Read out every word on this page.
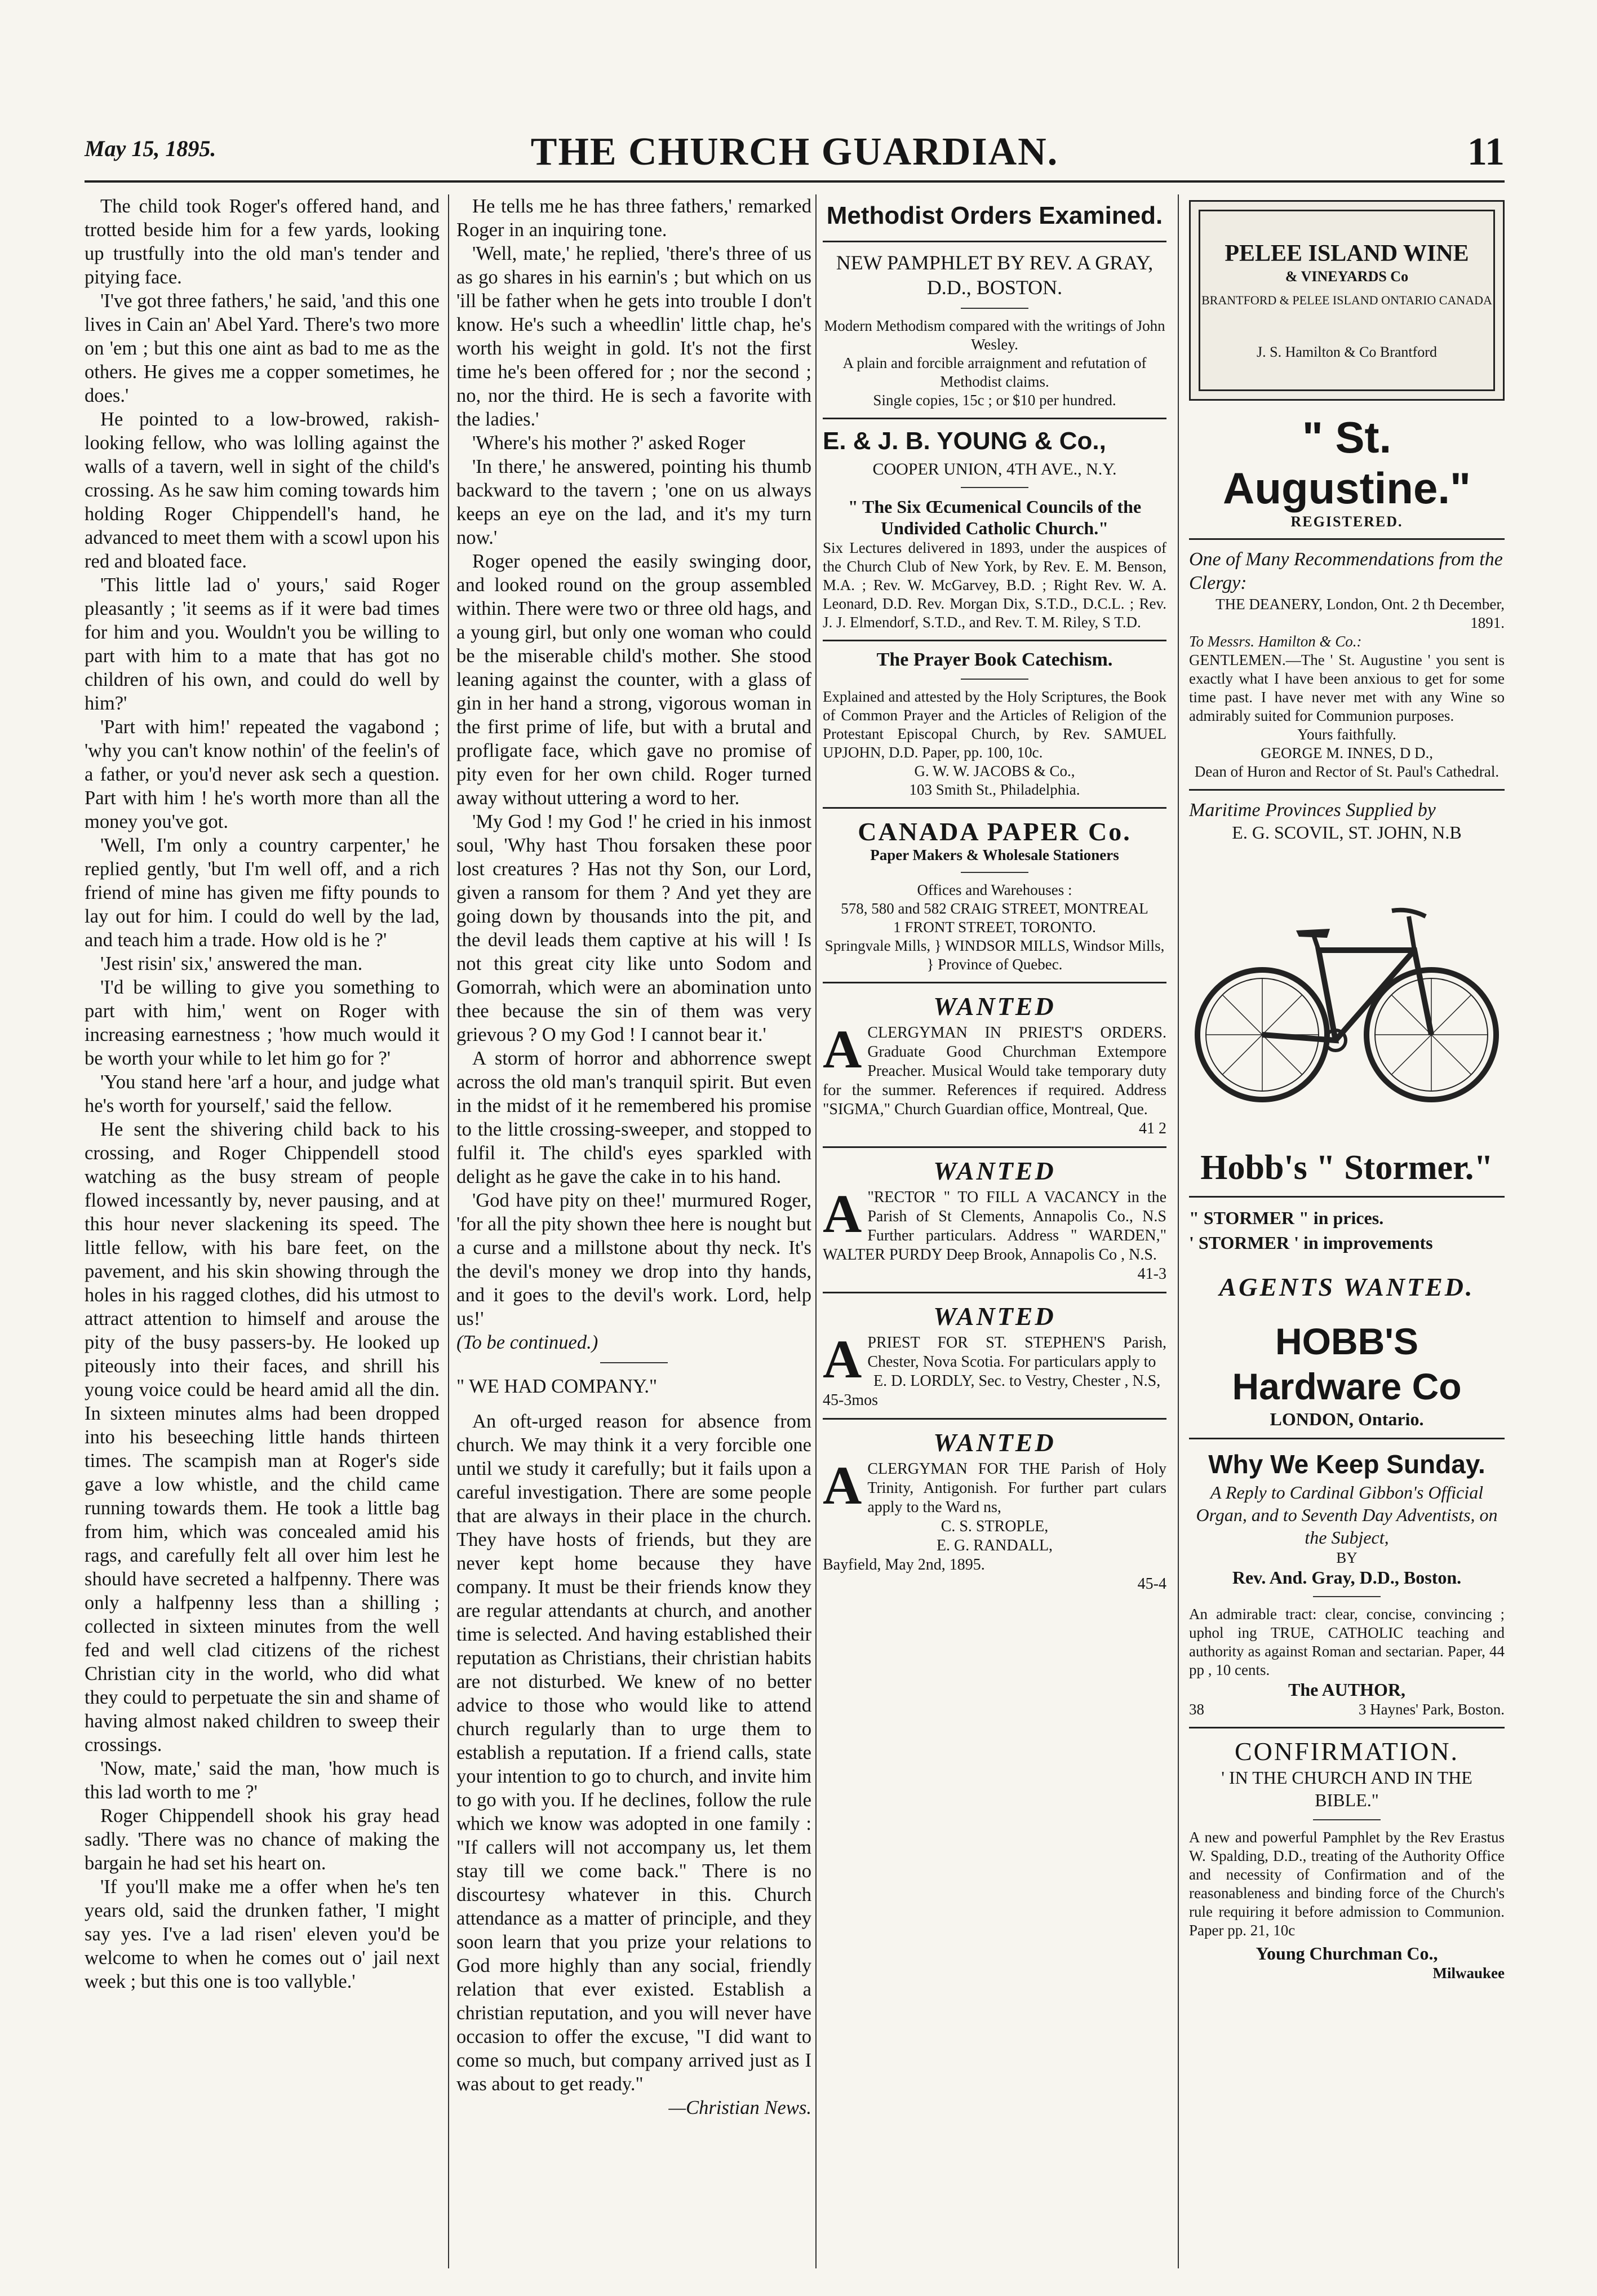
May 15, 1895.	THE CHURCH GUARDIAN.	11

The child took Roger's offered hand, and trotted beside him for a few yards, looking up trustfully into the old man's tender and pitying face.

'I've got three fathers,' he said, 'and this one lives in Cain an' Abel Yard. There's two more on 'em ; but this one aint as bad to me as the others. He gives me a copper sometimes, he does.'

He pointed to a low-browed, rakish-looking fellow, who was lolling against the walls of a tavern, well in sight of the child's crossing. As he saw him coming towards him holding Roger Chippendell's hand, he advanced to meet them with a scowl upon his red and bloated face.

'This little lad o' yours,' said Roger pleasantly ; 'it seems as if it were bad times for him and you. Wouldn't you be willing to part with him to a mate that has got no children of his own, and could do well by him?'

'Part with him!' repeated the vagabond ; 'why you can't know nothin' of the feelin's of a father, or you'd never ask sech a question. Part with him ! he's worth more than all the money you've got.

'Well, I'm only a country carpenter,' he replied gently, 'but I'm well off, and a rich friend of mine has given me fifty pounds to lay out for him. I could do well by the lad, and teach him a trade. How old is he ?'

'Jest risin' six,' answered the man.

'I'd be willing to give you something to part with him,' went on Roger with increasing earnestness ; 'how much would it be worth your while to let him go for ?'

'You stand here 'arf a hour, and judge what he's worth for yourself,' said the fellow.

He sent the shivering child back to his crossing, and Roger Chippendell stood watching as the busy stream of people flowed incessantly by, never pausing, and at this hour never slackening its speed. The little fellow, with his bare feet, on the pavement, and his skin showing through the holes in his ragged clothes, did his utmost to attract attention to himself and arouse the pity of the busy passers-by. He looked up piteously into their faces, and shrill his young voice could be heard amid all the din. In sixteen minutes alms had been dropped into his beseeching little hands thirteen times. The scampish man at Roger's side gave a low whistle, and the child came running towards them. He took a little bag from him, which was concealed amid his rags, and carefully felt all over him lest he should have secreted a halfpenny. There was only a halfpenny less than a shilling ; collected in sixteen minutes from the well fed and well clad citizens of the richest Christian city in the world, who did what they could to perpetuate the sin and shame of having almost naked children to sweep their crossings.

'Now, mate,' said the man, 'how much is this lad worth to me ?'

Roger Chippendell shook his gray head sadly. 'There was no chance of making the bargain he had set his heart on.

'If you'll make me a offer when he's ten years old, said the drunken father, 'I might say yes. I've a lad risen' eleven you'd be welcome to when he comes out o' jail next week ; but this one is too vallyble.'

He tells me he has three fathers,' remarked Roger in an inquiring tone.

'Well, mate,' he replied, 'there's three of us as go shares in his earnin's ; but which on us 'ill be father when he gets into trouble I don't know. He's such a wheedlin' little chap, he's worth his weight in gold. It's not the first time he's been offered for ; nor the second ; no, nor the third. He is sech a favorite with the ladies.'

'Where's his mother ?' asked Roger

'In there,' he answered, pointing his thumb backward to the tavern ; 'one on us always keeps an eye on the lad, and it's my turn now.'

Roger opened the easily swinging door, and looked round on the group assembled within. There were two or three old hags, and a young girl, but only one woman who could be the miserable child's mother. She stood leaning against the counter, with a glass of gin in her hand a strong, vigorous woman in the first prime of life, but with a brutal and profligate face, which gave no promise of pity even for her own child. Roger turned away without uttering a word to her.

'My God ! my God !' he cried in his inmost soul, 'Why hast Thou forsaken these poor lost creatures ? Has not thy Son, our Lord, given a ransom for them ? And yet they are going down by thousands into the pit, and the devil leads them captive at his will ! Is not this great city like unto Sodom and Gomorrah, which were an abomination unto thee because the sin of them was very grievous ? O my God ! I cannot bear it.'

A storm of horror and abhorrence swept across the old man's tranquil spirit. But even in the midst of it he remembered his promise to the little crossing-sweeper, and stopped to fulfil it. The child's eyes sparkled with delight as he gave the cake in to his hand.

'God have pity on thee!' murmured Roger, 'for all the pity shown thee here is nought but a curse and a millstone about thy neck. It's the devil's money we drop into thy hands, and it goes to the devil's work. Lord, help us!'

(To be continued.)

" WE HAD COMPANY."

An oft-urged reason for absence from church. We may think it a very forcible one until we study it carefully; but it fails upon a careful investigation. There are some people that are always in their place in the church. They have hosts of friends, but they are never kept home because they have company. It must be their friends know they are regular attendants at church, and another time is selected. And having established their reputation as Christians, their christian habits are not disturbed. We knew of no better advice to those who would like to attend church regularly than to urge them to establish a reputation. If a friend calls, state your intention to go to church, and invite him to go with you. If he declines, follow the rule which we know was adopted in one family : "If callers will not accompany us, let them stay till we come back." There is no discourtesy whatever in this. Church attendance as a matter of principle, and they soon learn that you prize your relations to God more highly than any social, friendly relation that ever existed. Establish a christian reputation, and you will never have occasion to offer the excuse, "I did want to come so much, but company arrived just as I was about to get ready."

—Christian News.

Methodist Orders Examined.
NEW PAMPHLET BY REV. A GRAY, D.D., BOSTON.
Modern Methodism compared with the writings of John Wesley.
A plain and forcible arraignment and refutation of Methodist claims.
Single copies, 15c ; or $10 per hundred.
E. & J. B. YOUNG & Co.,
COOPER UNION, 4TH AVE., N.Y.
" The Six Œcumenical Councils of the Undivided Catholic Church."
Six Lectures delivered in 1893, under the auspices of the Church Club of New York, by Rev. E. M. Benson, M.A. ; Rev. W. McGarvey, B.D. ; Right Rev. W. A. Leonard, D.D. Rev. Morgan Dix, S.T.D., D.C.L. ; Rev. J. J. Elmendorf, S.T.D., and Rev. T. M. Riley, S T.D.
The Prayer Book Catechism.
Explained and attested by the Holy Scriptures, the Book of Common Prayer and the Articles of Religion of the Protestant Episcopal Church, by Rev. SAMUEL UPJOHN, D.D. Paper, pp. 100, 10c.
G. W. W. JACOBS & Co.,
103 Smith St., Philadelphia.
CANADA PAPER Co.
Paper Makers & Wholesale Stationers
Offices and Warehouses :
578, 580 and 582 CRAIG STREET, MONTREAL
1 FRONT STREET, TORONTO.
Springvale Mills, } WINDSOR MILLS, Windsor Mills, } Province of Quebec.
WANTED
A CLERGYMAN IN PRIEST'S ORDERS. Graduate Good Churchman Extempore Preacher. Musical Would take temporary duty for the summer. References if required. Address "SIGMA," Church Guardian office, Montreal, Que.

41 2

WANTED
A "RECTOR " TO FILL A VACANCY in the Parish of St Clements, Annapolis Co., N.S Further particulars. Address " WARDEN," WALTER PURDY Deep Brook, Annapolis Co , N.S.

41-3

WANTED
A PRIEST FOR ST. STEPHEN'S Parish, Chester, Nova Scotia. For particulars apply to

E. D. LORDLY, Sec. to Vestry, Chester , N.S,

45-3mos

WANTED
A CLERGYMAN FOR THE Parish of Holy Trinity, Antigonish. For further part culars apply to the Ward ns,

C. S. STROPLE,

E. G. RANDALL,

Bayfield, May 2nd, 1895.

45-4

PELEE ISLAND WINE
& VINEYARDS Co
BRANTFORD & PELEE ISLAND ONTARIO CANADA
J. S. Hamilton & Co Brantford
" St. Augustine."
REGISTERED.
One of Many Recommendations from the Clergy:
THE DEANERY, London, Ont. 2 th December, 1891.
To Messrs. Hamilton & Co.:
GENTLEMEN.—The ' St. Augustine ' you sent is exactly what I have been anxious to get for some time past. I have never met with any Wine so admirably suited for Communion purposes.
Yours faithfully.
GEORGE M. INNES, D D.,
Dean of Huron and Rector of St. Paul's Cathedral.
Maritime Provinces Supplied by
E. G. SCOVIL, ST. JOHN, N.B
Hobb's " Stormer."
" STORMER " in prices.
' STORMER ' in improvements
AGENTS WANTED.
HOBB'S Hardware Co
LONDON, Ontario.
Why We Keep Sunday.
A Reply to Cardinal Gibbon's Official Organ, and to Seventh Day Adventists, on the Subject,
BY
Rev. And. Gray, D.D., Boston.
An admirable tract: clear, concise, convincing ; uphol ing TRUE, CATHOLIC teaching and authority as against Roman and sectarian. Paper, 44 pp , 10 cents.
The AUTHOR,
38	3 Haynes' Park, Boston.
CONFIRMATION.
' IN THE CHURCH AND IN THE BIBLE."
A new and powerful Pamphlet by the Rev Erastus W. Spalding, D.D., treating of the Authority Office and necessity of Confirmation and of the reasonableness and binding force of the Church's rule requiring it before admission to Communion. Paper pp. 21, 10c
Young Churchman Co.,
Milwaukee
